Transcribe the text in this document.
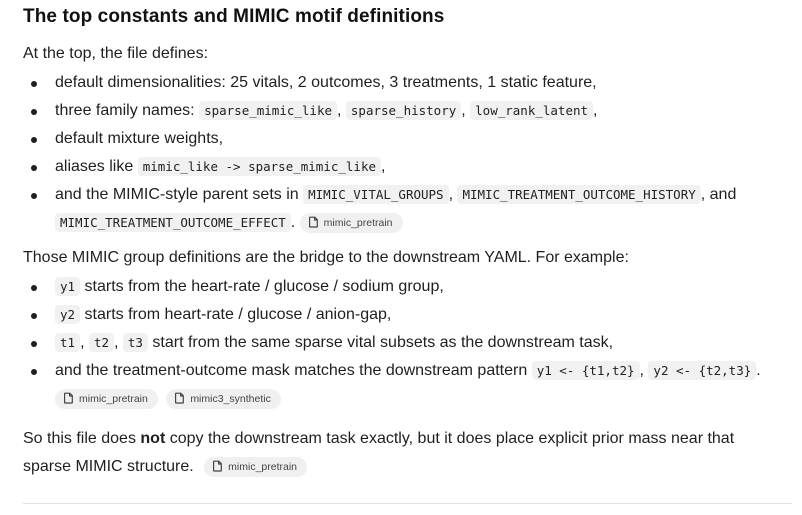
The top constants and MIMIC motif definitions
At the top, the file defines:
default dimensionalities: 25 vitals, 2 outcomes, 3 treatments, 1 static feature,
three family names: sparse_mimic_like , sparse_history , low_rank_latent ,
default mixture weights,
aliases like mimic_like -> sparse_mimic_like ,
and the MIMIC-style parent sets in MIMIC_VITAL_GROUPS , MIMIC_TREATMENT_OUTCOME_HISTORY , and
MIMIC_TREATMENT_OUTCOME_EFFECT . mimic_pretrain
Those MIMIC group definitions are the bridge to the downstream YAML. For example:
y1 starts from the heart-rate / glucose / sodium group,
y2 starts from heart-rate / glucose / anion-gap,
t1 , t2 , t3 start from the same sparse vital subsets as the downstream task,
and the treatment-outcome mask matches the downstream pattern y1 <- {t1,t2} , y2 <- {t2,t3} .
mimic_pretrain	mimic3_synthetic
So this file does not copy the downstream task exactly, but it does place explicit prior mass near that
sparse MIMIC structure.	mimic_pretrain
